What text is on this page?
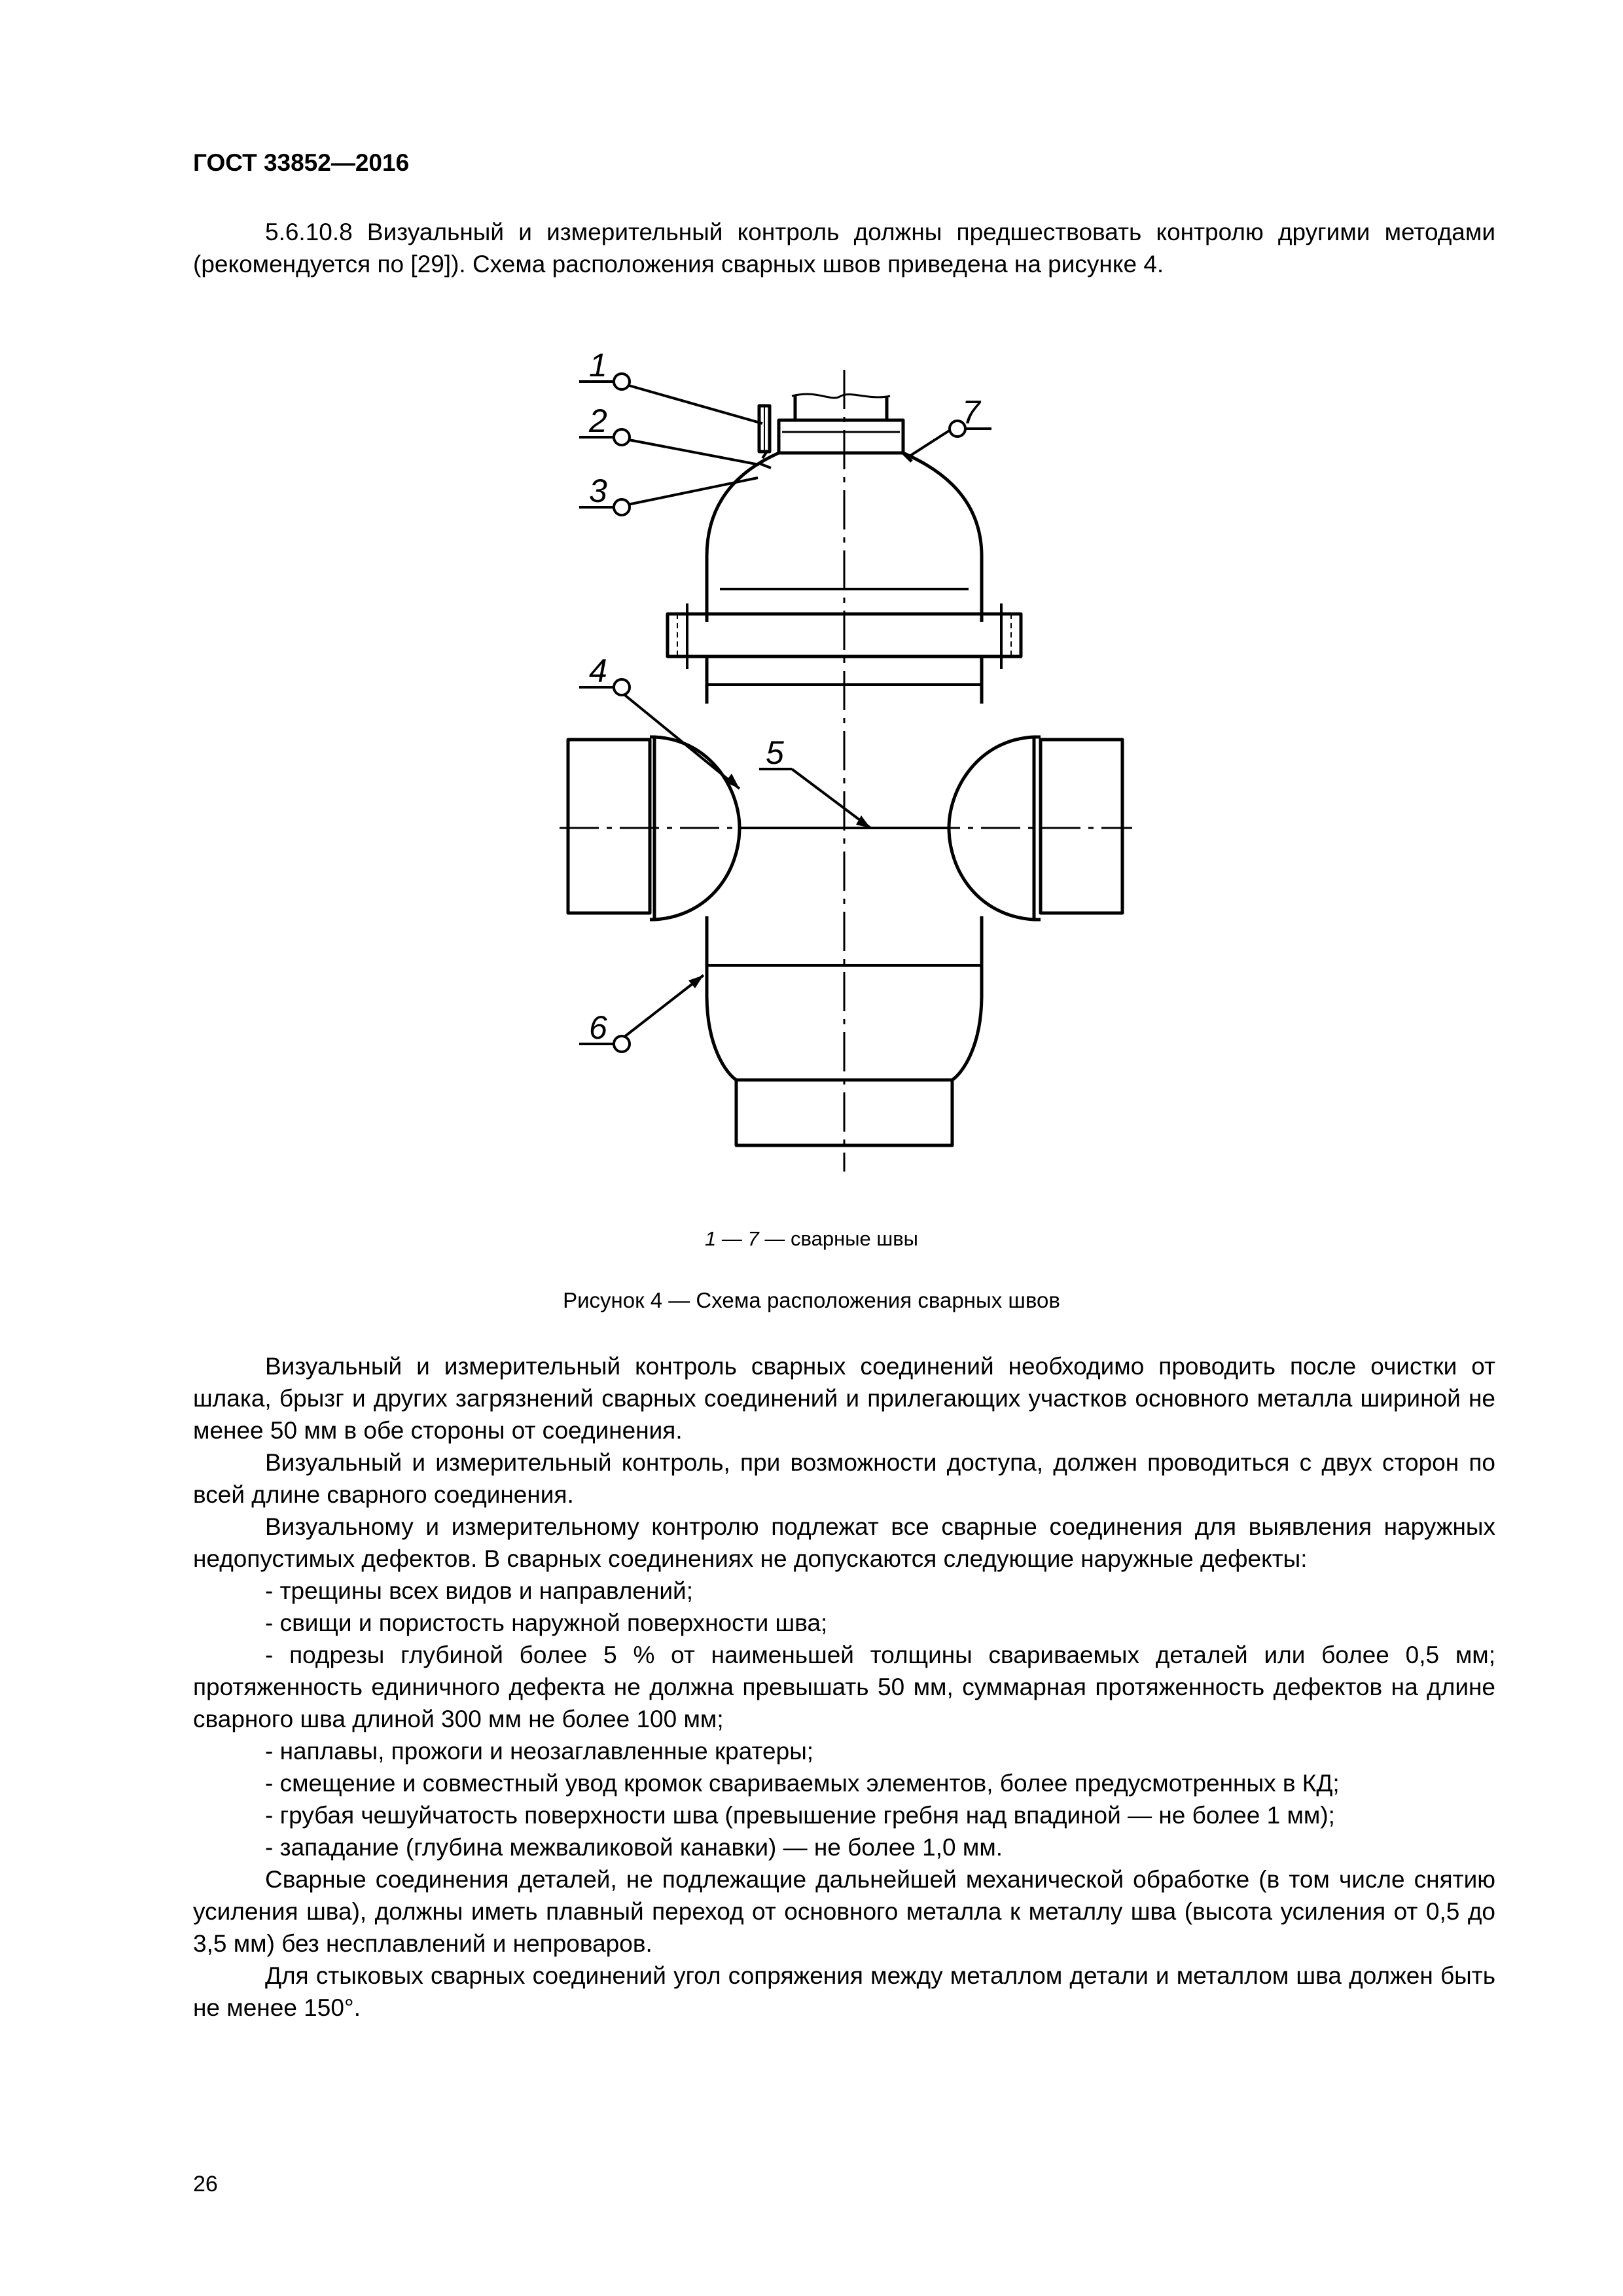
ГОСТ 33852—2016
5.6.10.8 Визуальный и измерительный контроль должны предшествовать контролю другими методами (рекомендуется по [29]). Схема расположения сварных швов приведена на рисунке 4.
1
2
3
4
5
6
7
1 — 7 — сварные швы
Рисунок 4 — Схема расположения сварных швов
Визуальный и измерительный контроль сварных соединений необходимо проводить после очистки от шлака, брызг и других загрязнений сварных соединений и прилегающих участков основного металла шириной не менее 50 мм в обе стороны от соединения.
Визуальный и измерительный контроль, при возможности доступа, должен проводиться с двух сторон по всей длине сварного соединения.
Визуальному и измерительному контролю подлежат все сварные соединения для выявления наружных недопустимых дефектов. В сварных соединениях не допускаются следующие наружные дефекты:
- трещины всех видов и направлений;
- свищи и пористость наружной поверхности шва;
- подрезы глубиной более 5 % от наименьшей толщины свариваемых деталей или более 0,5 мм; протяженность единичного дефекта не должна превышать 50 мм, суммарная протяженность дефектов на длине сварного шва длиной 300 мм не более 100 мм;
- наплавы, прожоги и неозаглавленные кратеры;
- смещение и совместный увод кромок свариваемых элементов, более предусмотренных в КД;
- грубая чешуйчатость поверхности шва (превышение гребня над впадиной — не более 1 мм);
- западание (глубина межваликовой канавки) — не более 1,0 мм.
Сварные соединения деталей, не подлежащие дальнейшей механической обработке (в том числе снятию усиления шва), должны иметь плавный переход от основного металла к металлу шва (высота усиления от 0,5 до 3,5 мм) без несплавлений и непроваров.
Для стыковых сварных соединений угол сопряжения между металлом детали и металлом шва должен быть не менее 150°.
26
